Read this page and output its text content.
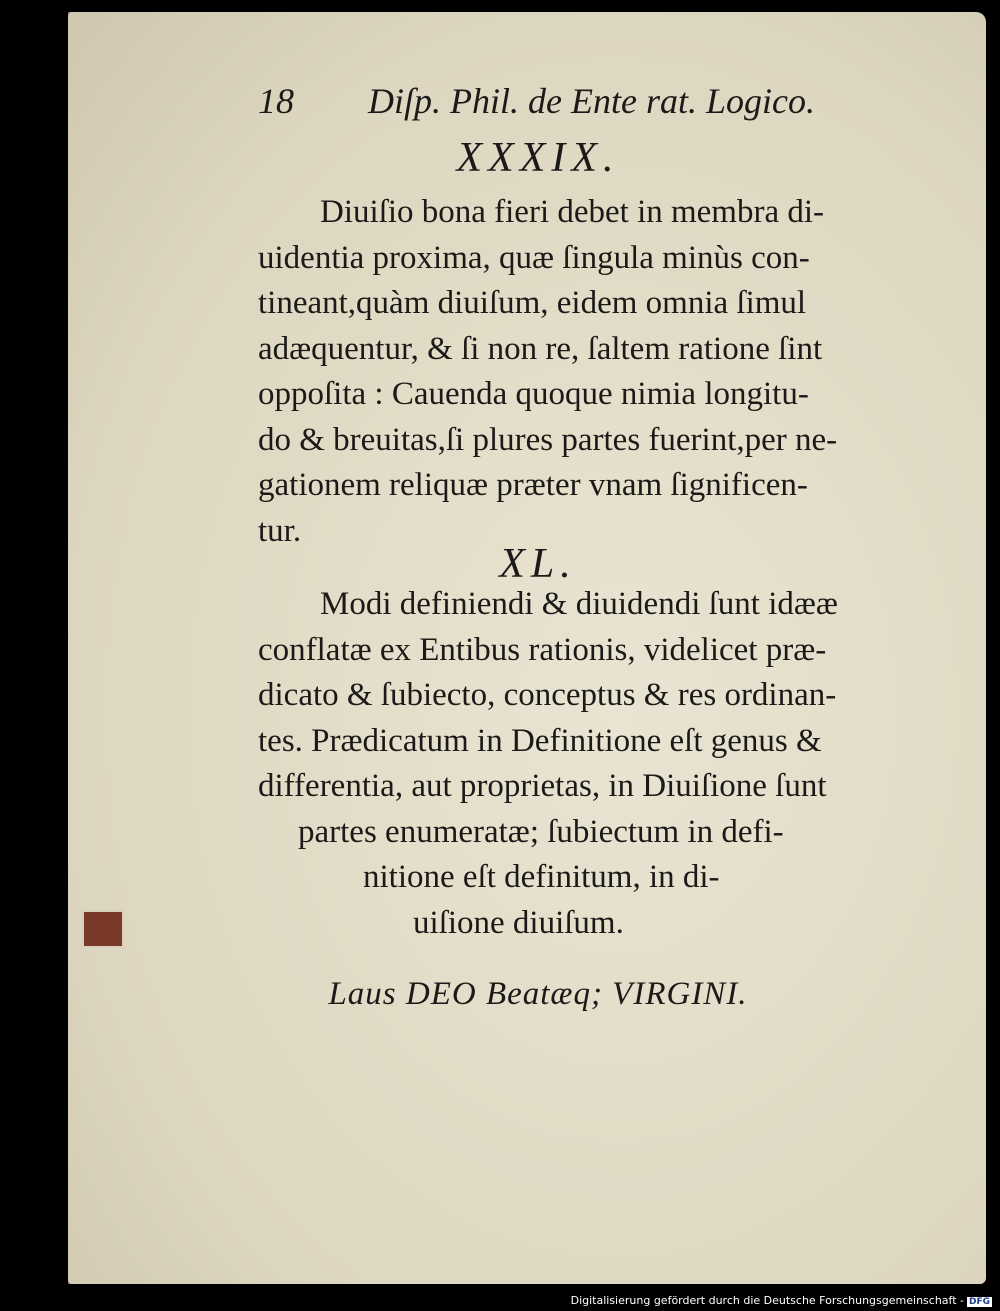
18 Diſp. Phil. de Ente rat. Logico.
XXXIX.
Diuiſio bona fieri debet in membra di-
uidentia proxima, quæ ſingula minùs con-
tineant,quàm diuiſum, eidem omnia ſimul
adæquentur, & ſi non re, ſaltem ratione ſint
oppoſita : Cauenda quoque nimia longitu-
do & breuitas,ſi plures partes fuerint,per ne-
gationem reliquæ præter vnam ſignificen-
tur.
XL.
Modi definiendi & diuidendi ſunt idææ
conflatæ ex Entibus rationis, videlicet præ-
dicato & ſubiecto, conceptus & res ordinan-
tes. Prædicatum in Definitione eſt genus &
differentia, aut proprietas, in Diuiſione ſunt
partes enumeratæ; ſubiectum in defi-
nitione eſt definitum, in di-
uiſione diuiſum.
Laus DEO Beatæq; VIRGINI.
Digitalisierung gefördert durch die Deutsche Forschungsgemeinschaft - DFG
